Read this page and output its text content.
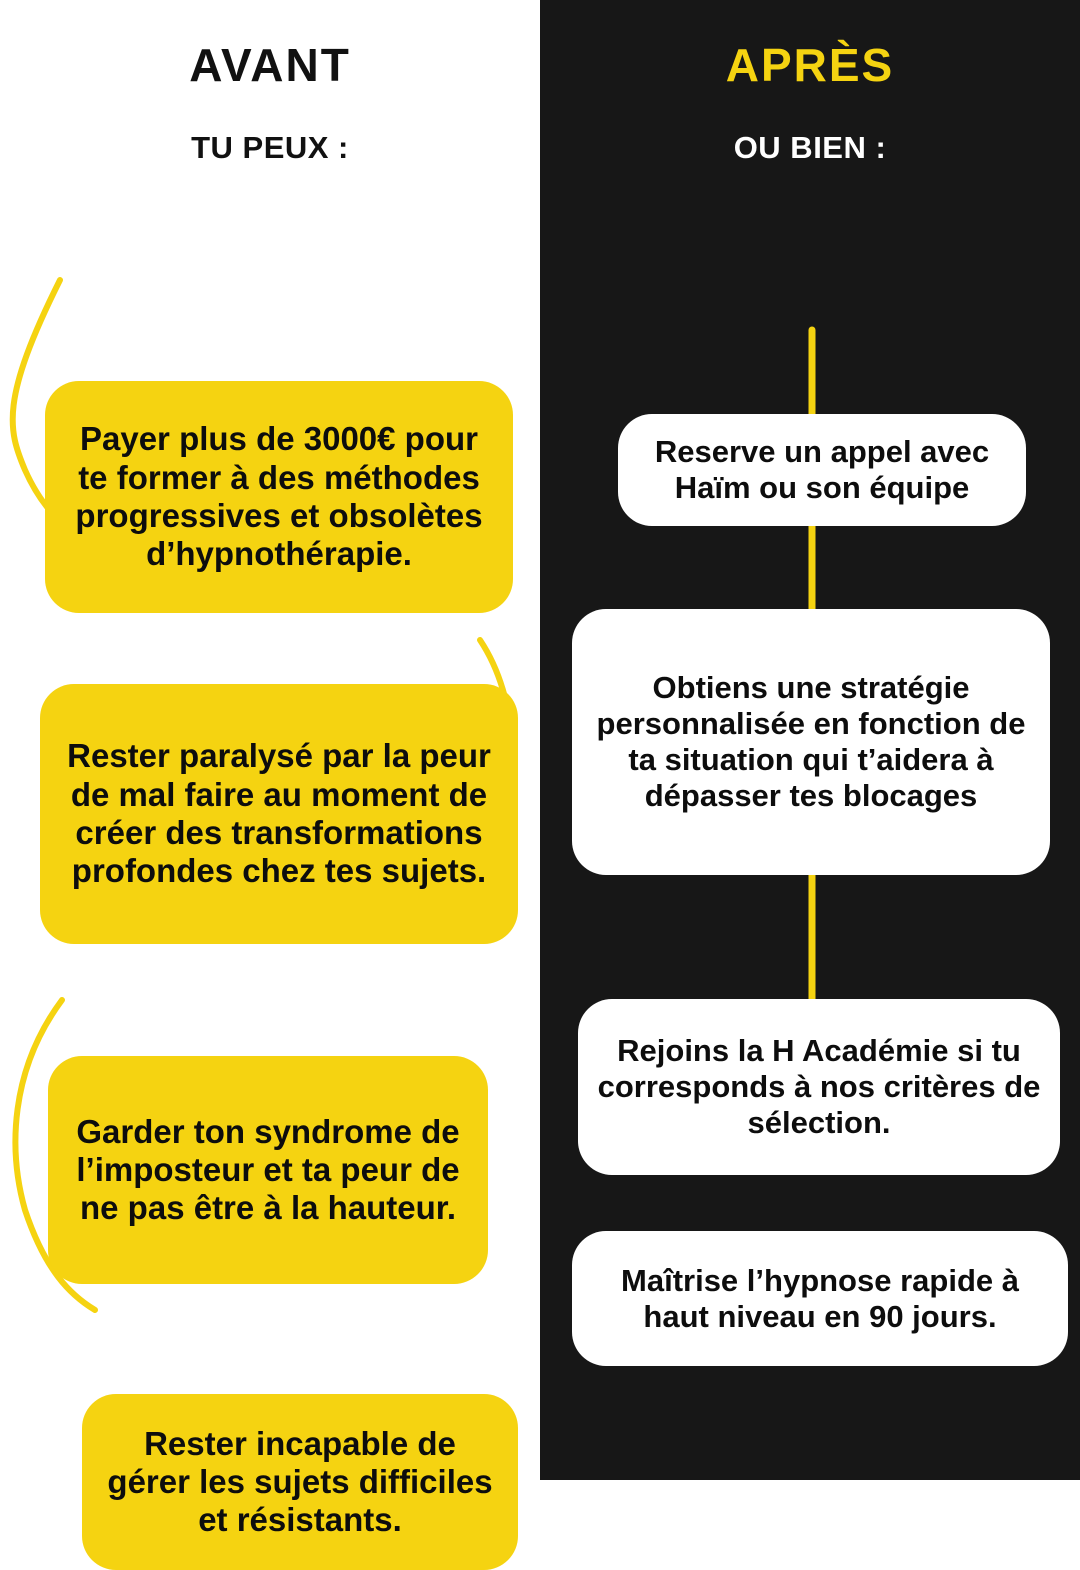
AVANT
TU PEUX :
Payer plus de 3000€ pour te former à des méthodes progressives et obsolètes d’hypnothérapie.
Rester paralysé par la peur de mal faire au moment de créer des transformations profondes chez tes sujets.
Garder ton syndrome de l’imposteur et ta peur de ne pas être à la hauteur.
Rester incapable de gérer les sujets difficiles et résistants.
APRÈS
OU BIEN :
Reserve un appel avec Haïm ou son équipe
Obtiens une stratégie personnalisée en fonction de ta situation qui t’aidera à dépasser tes blocages
Rejoins la H Académie si tu corresponds à nos critères de sélection.
Maîtrise l’hypnose rapide à haut niveau en 90 jours.
